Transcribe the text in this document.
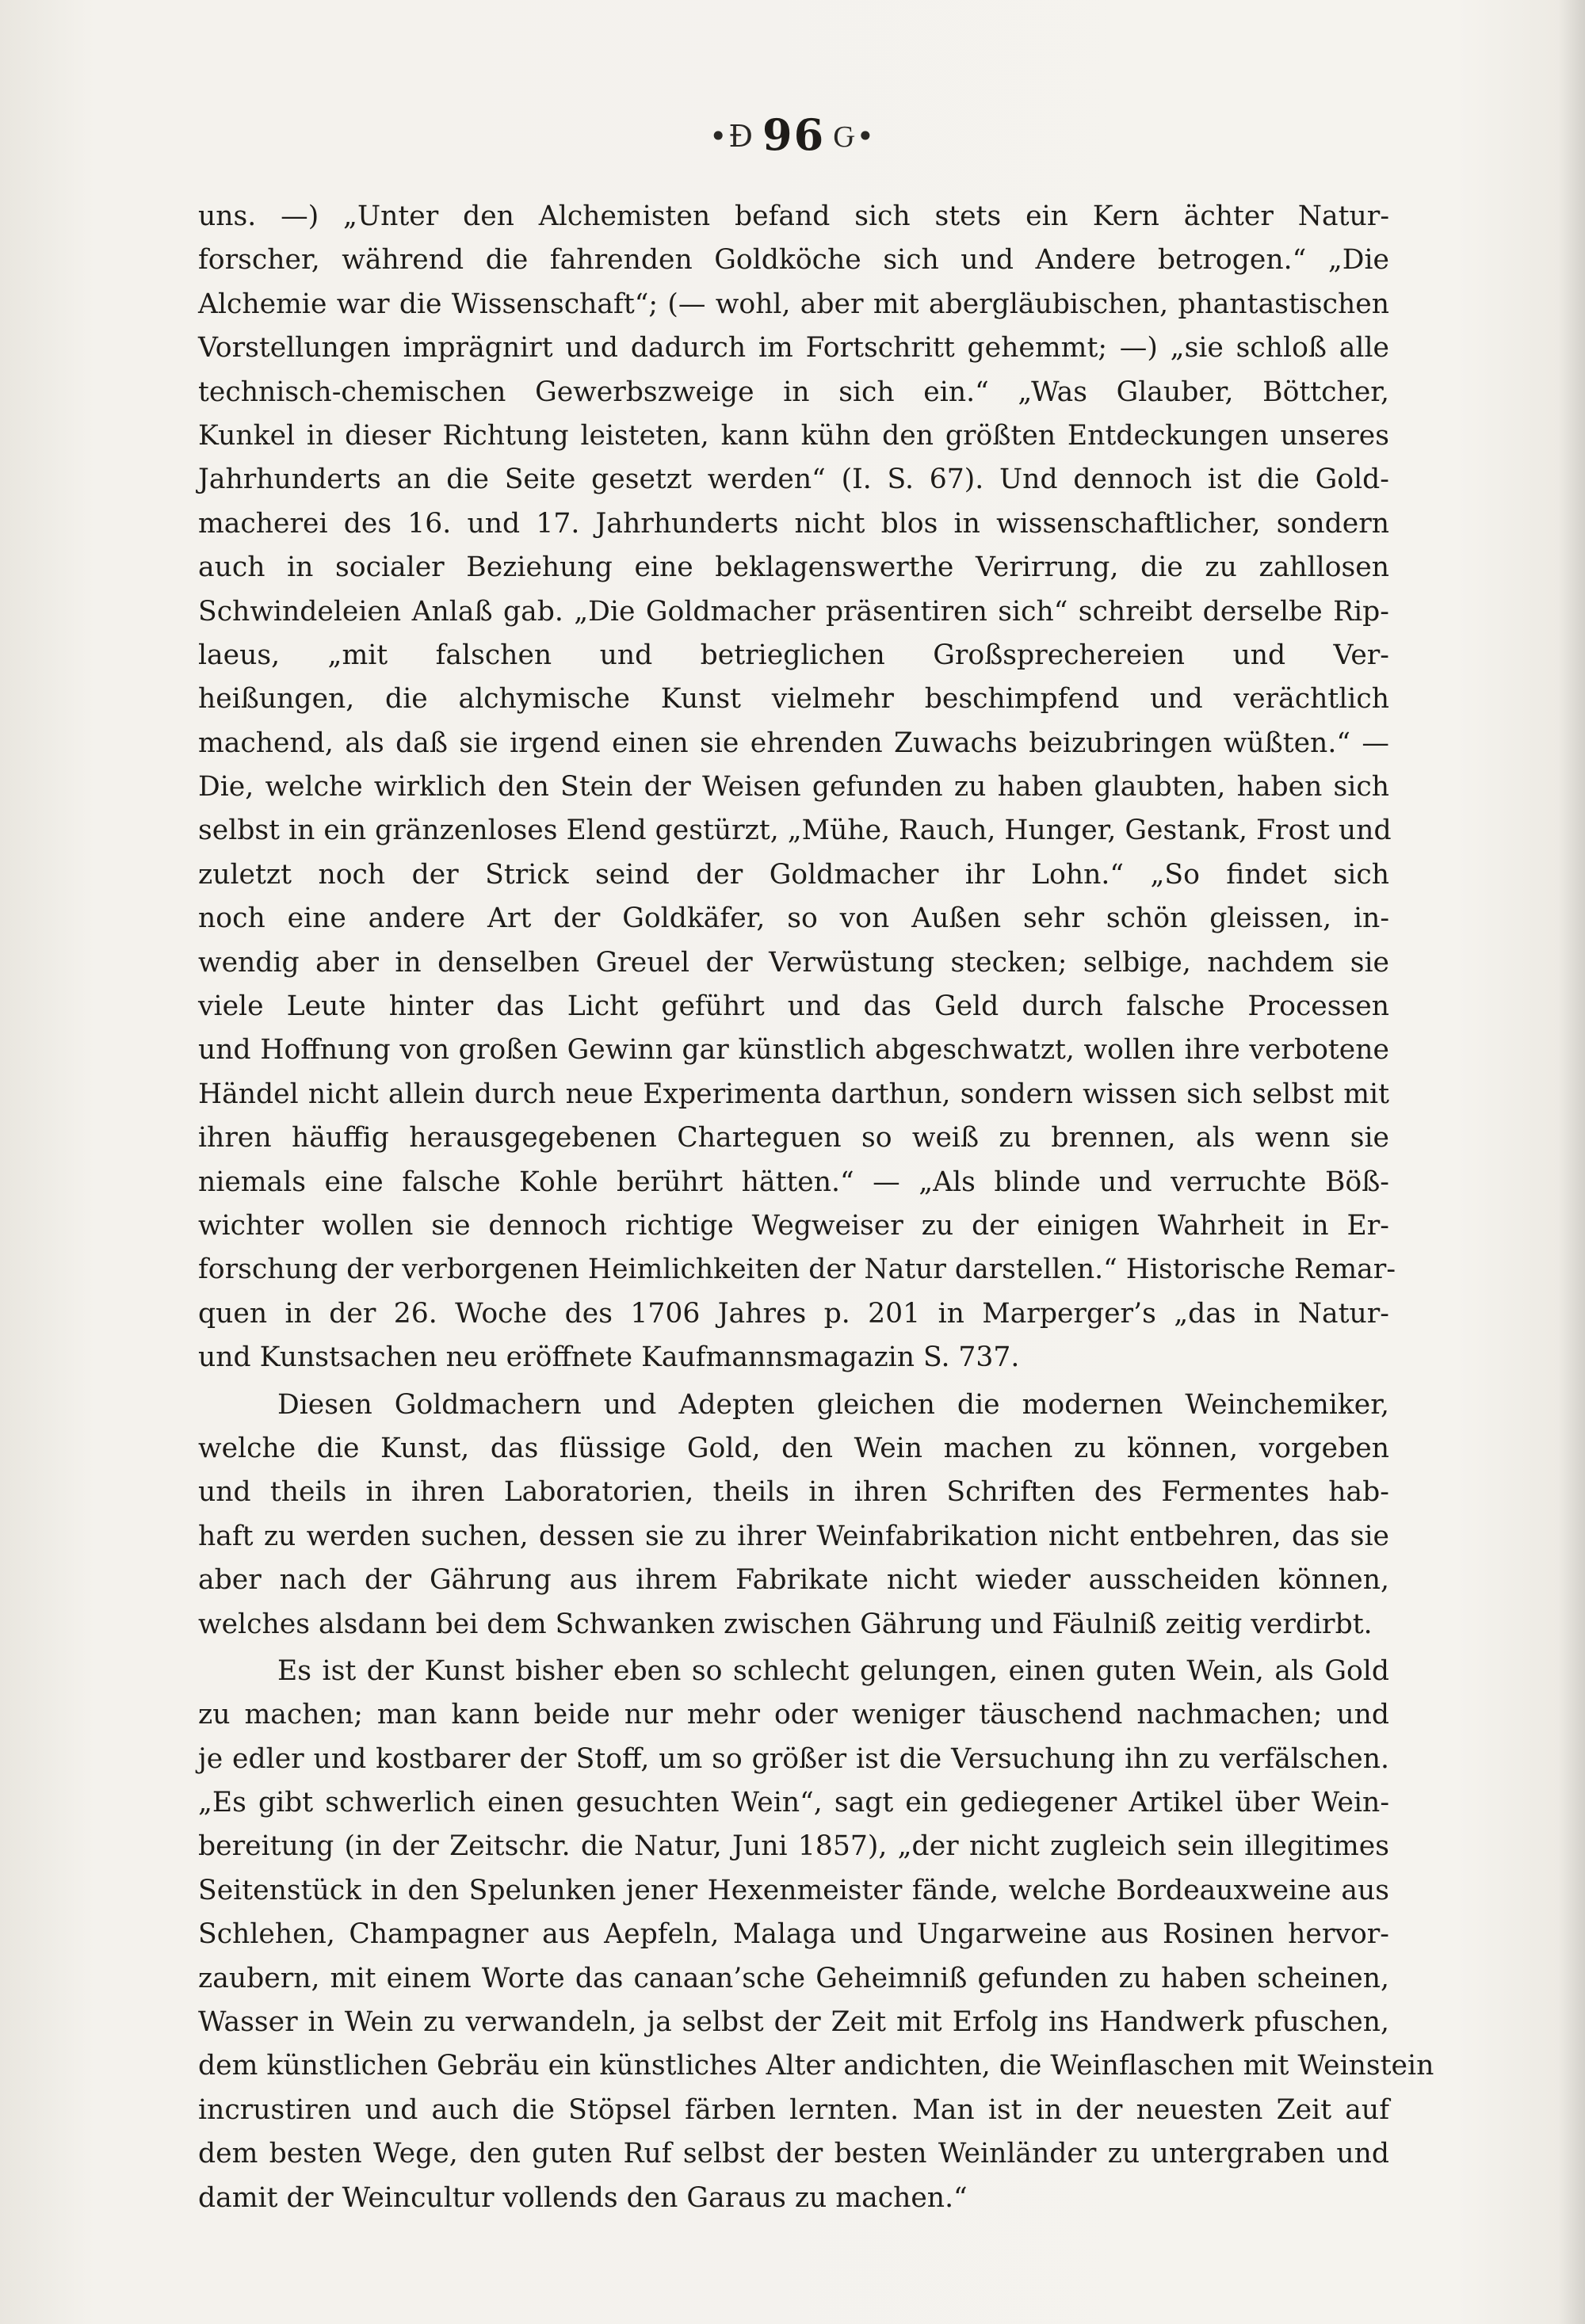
•Ɖ 96 Ԍ•
uns. —) „Unter den Alchemisten befand sich stets ein Kern ächter Natur-
forscher, während die fahrenden Goldköche sich und Andere betrogen.“ „Die
Alchemie war die Wissenschaft“; (— wohl, aber mit abergläubischen, phantastischen
Vorstellungen imprägnirt und dadurch im Fortschritt gehemmt; —) „sie schloß alle
technisch-chemischen Gewerbszweige in sich ein.“ „Was Glauber, Böttcher,
Kunkel in dieser Richtung leisteten, kann kühn den größten Entdeckungen unseres
Jahrhunderts an die Seite gesetzt werden“ (I. S. 67). Und dennoch ist die Gold-
macherei des 16. und 17. Jahrhunderts nicht blos in wissenschaftlicher, sondern
auch in socialer Beziehung eine beklagenswerthe Verirrung, die zu zahllosen
Schwindeleien Anlaß gab. „Die Goldmacher präsentiren sich“ schreibt derselbe Rip-
laeus, „mit falschen und betrieglichen Großsprechereien und Ver-
heißungen, die alchymische Kunst vielmehr beschimpfend und verächtlich
machend, als daß sie irgend einen sie ehrenden Zuwachs beizubringen wüßten.“ —
Die, welche wirklich den Stein der Weisen gefunden zu haben glaubten, haben sich
selbst in ein gränzenloses Elend gestürzt, „Mühe, Rauch, Hunger, Gestank, Frost und
zuletzt noch der Strick seind der Goldmacher ihr Lohn.“ „So findet sich
noch eine andere Art der Goldkäfer, so von Außen sehr schön gleissen, in-
wendig aber in denselben Greuel der Verwüstung stecken; selbige, nachdem sie
viele Leute hinter das Licht geführt und das Geld durch falsche Processen
und Hoffnung von großen Gewinn gar künstlich abgeschwatzt, wollen ihre verbotene
Händel nicht allein durch neue Experimenta darthun, sondern wissen sich selbst mit
ihren häuffig herausgegebenen Charteguen so weiß zu brennen, als wenn sie
niemals eine falsche Kohle berührt hätten.“ — „Als blinde und verruchte Böß-
wichter wollen sie dennoch richtige Wegweiser zu der einigen Wahrheit in Er-
forschung der verborgenen Heimlichkeiten der Natur darstellen.“ Historische Remar-
quen in der 26. Woche des 1706 Jahres p. 201 in Marperger’s „das in Natur-
und Kunstsachen neu eröffnete Kaufmannsmagazin S. 737.
Diesen Goldmachern und Adepten gleichen die modernen Weinchemiker,
welche die Kunst, das flüssige Gold, den Wein machen zu können, vorgeben
und theils in ihren Laboratorien, theils in ihren Schriften des Fermentes hab-
haft zu werden suchen, dessen sie zu ihrer Weinfabrikation nicht entbehren, das sie
aber nach der Gährung aus ihrem Fabrikate nicht wieder ausscheiden können,
welches alsdann bei dem Schwanken zwischen Gährung und Fäulniß zeitig verdirbt.
Es ist der Kunst bisher eben so schlecht gelungen, einen guten Wein, als Gold
zu machen; man kann beide nur mehr oder weniger täuschend nachmachen; und
je edler und kostbarer der Stoff, um so größer ist die Versuchung ihn zu verfälschen.
„Es gibt schwerlich einen gesuchten Wein“, sagt ein gediegener Artikel über Wein-
bereitung (in der Zeitschr. die Natur, Juni 1857), „der nicht zugleich sein illegitimes
Seitenstück in den Spelunken jener Hexenmeister fände, welche Bordeauxweine aus
Schlehen, Champagner aus Aepfeln, Malaga und Ungarweine aus Rosinen hervor-
zaubern, mit einem Worte das canaan’sche Geheimniß gefunden zu haben scheinen,
Wasser in Wein zu verwandeln, ja selbst der Zeit mit Erfolg ins Handwerk pfuschen,
dem künstlichen Gebräu ein künstliches Alter andichten, die Weinflaschen mit Weinstein
incrustiren und auch die Stöpsel färben lernten. Man ist in der neuesten Zeit auf
dem besten Wege, den guten Ruf selbst der besten Weinländer zu untergraben und
damit der Weincultur vollends den Garaus zu machen.“
